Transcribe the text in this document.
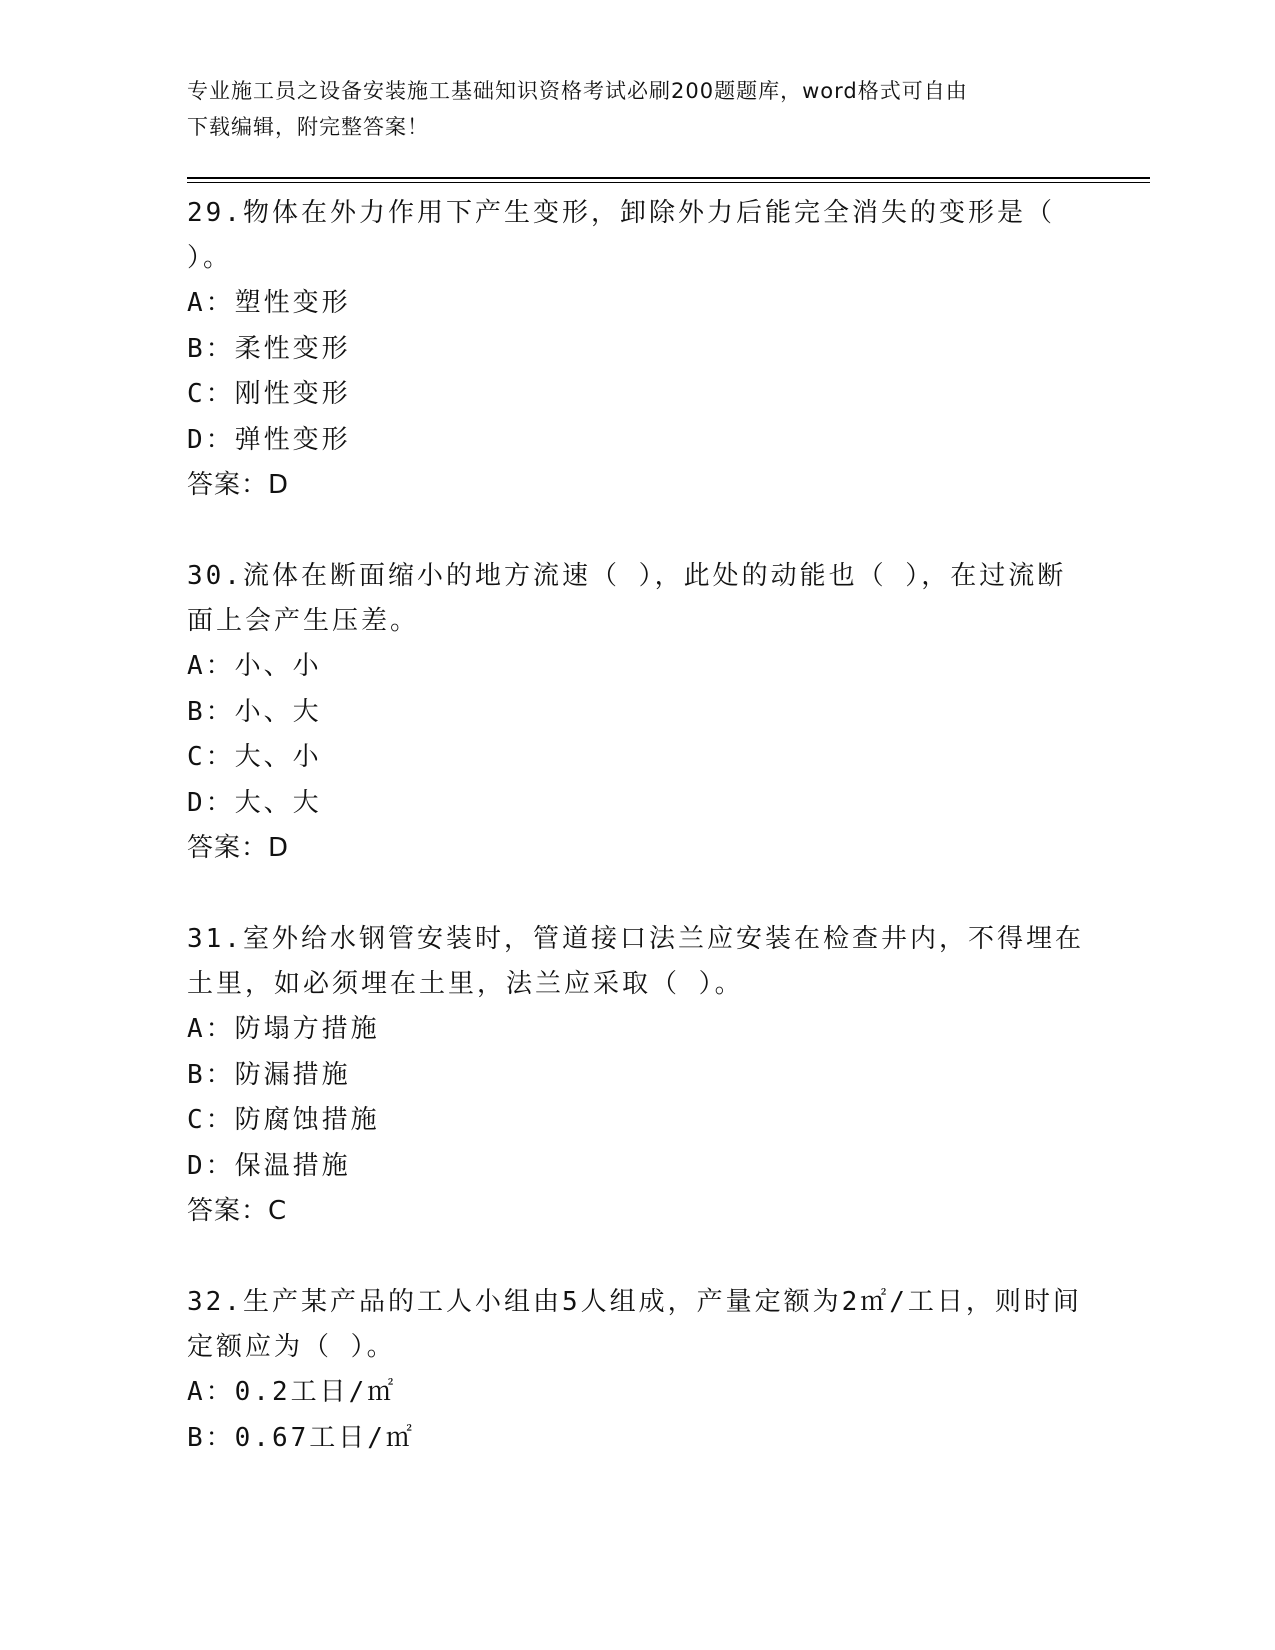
专业施工员之设备安装施工基础知识资格考试必刷200题题库，word格式可自由
下载编辑，附完整答案！
29.物体在外力作用下产生变形，卸除外力后能完全消失的变形是（
）。
A：塑性变形
B：柔性变形
C：刚性变形
D：弹性变形
答案：D
30.流体在断面缩小的地方流速（ ），此处的动能也（ ），在过流断
面上会产生压差。
A：小、小
B：小、大
C：大、小
D：大、大
答案：D
31.室外给水钢管安装时，管道接口法兰应安装在检查井内，不得埋在
土里，如必须埋在土里，法兰应采取（ ）。
A：防塌方措施
B：防漏措施
C：防腐蚀措施
D：保温措施
答案：C
32.生产某产品的工人小组由5人组成，产量定额为2㎡/工日，则时间
定额应为（ ）。
A：0.2工日/㎡
B：0.67工日/㎡
